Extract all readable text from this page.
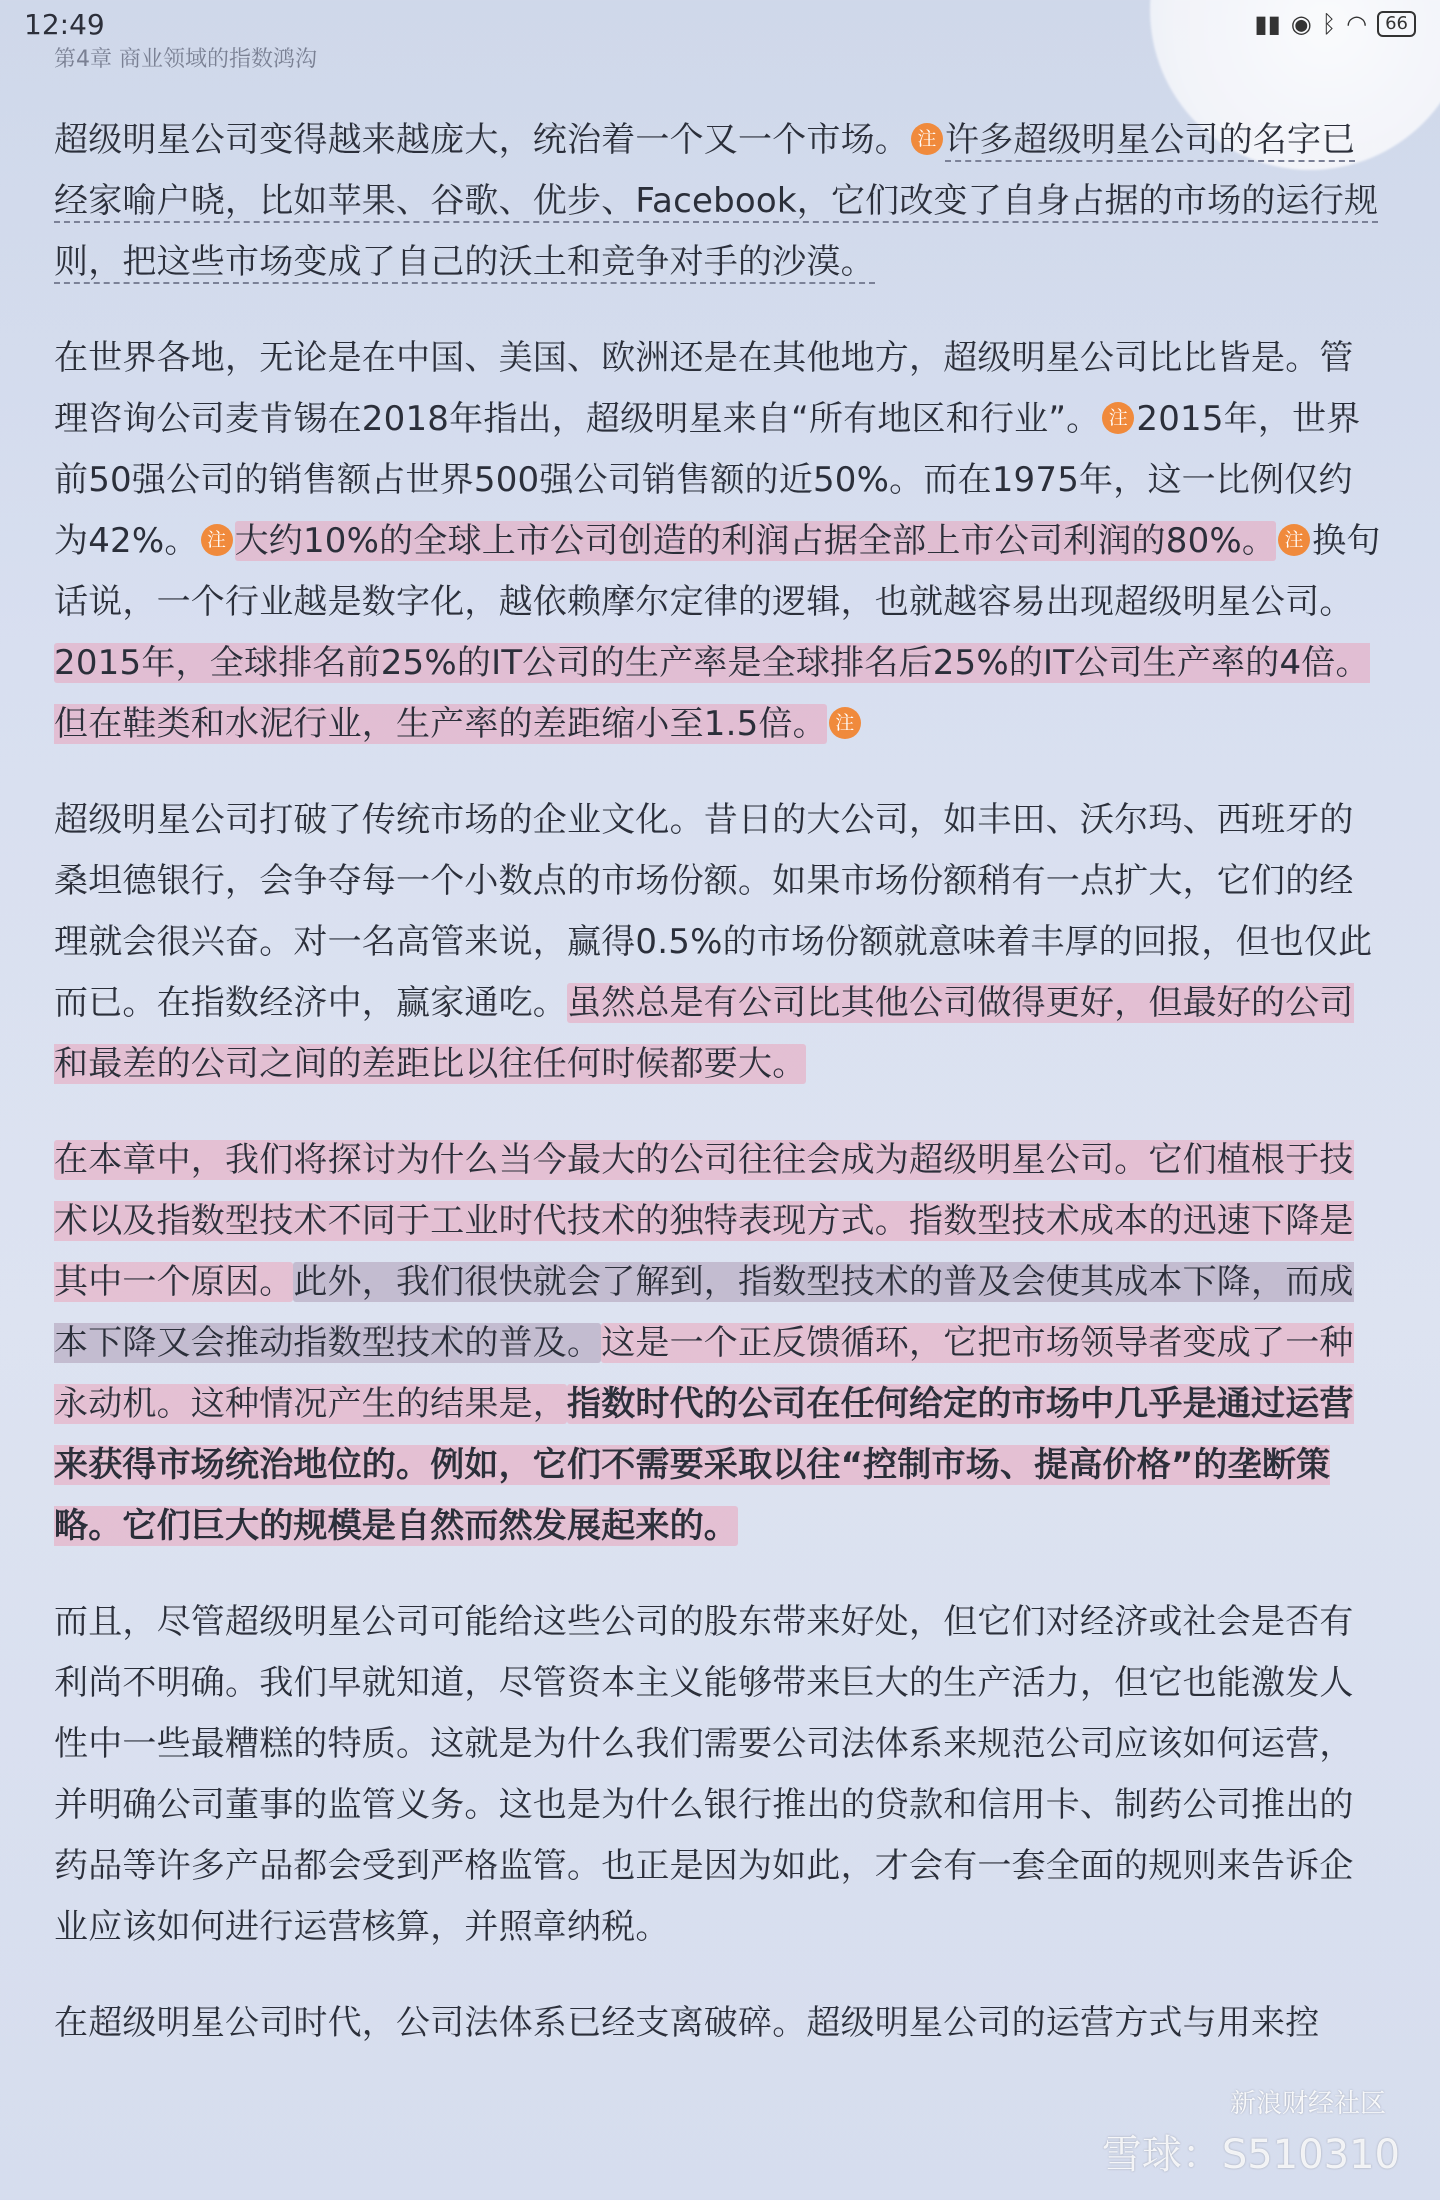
12:49	▮▮ ◉ ᛒ ◠	66
第4章 商业领域的指数鸿沟

超级明星公司变得越来越庞大，统治着一个又一个市场。 注 许多超级明星公司的名字已经家喻户晓，比如苹果、谷歌、优步、Facebook，它们改变了自身占据的市场的运行规则，把这些市场变成了自己的沃土和竞争对手的沙漠。

在世界各地，无论是在中国、美国、欧洲还是在其他地方，超级明星公司比比皆是。管理咨询公司麦肯锡在2018年指出，超级明星来自“所有地区和行业”。 注 2015年，世界前50强公司的销售额占世界500强公司销售额的近50%。而在1975年，这一比例仅约为42%。 注 大约10%的全球上市公司创造的利润占据全部上市公司利润的80%。 注 换句话说，一个行业越是数字化，越依赖摩尔定律的逻辑，也就越容易出现超级明星公司。2015年，全球排名前25%的IT公司的生产率是全球排名后25%的IT公司生产率的4倍。但在鞋类和水泥行业，生产率的差距缩小至1.5倍。 注

超级明星公司打破了传统市场的企业文化。昔日的大公司，如丰田、沃尔玛、西班牙的桑坦德银行，会争夺每一个小数点的市场份额。如果市场份额稍有一点扩大，它们的经理就会很兴奋。对一名高管来说，赢得0.5%的市场份额就意味着丰厚的回报，但也仅此而已。在指数经济中，赢家通吃。虽然总是有公司比其他公司做得更好，但最好的公司和最差的公司之间的差距比以往任何时候都要大。

在本章中，我们将探讨为什么当今最大的公司往往会成为超级明星公司。它们植根于技术以及指数型技术不同于工业时代技术的独特表现方式。指数型技术成本的迅速下降是其中一个原因。此外，我们很快就会了解到，指数型技术的普及会使其成本下降，而成本下降又会推动指数型技术的普及。这是一个正反馈循环，它把市场领导者变成了一种永动机。这种情况产生的结果是，指数时代的公司在任何给定的市场中几乎是通过运营来获得市场统治地位的。例如，它们不需要采取以往“控制市场、提高价格”的垄断策略。它们巨大的规模是自然而然发展起来的。

而且，尽管超级明星公司可能给这些公司的股东带来好处，但它们对经济或社会是否有利尚不明确。我们早就知道，尽管资本主义能够带来巨大的生产活力，但它也能激发人性中一些最糟糕的特质。这就是为什么我们需要公司法体系来规范公司应该如何运营，并明确公司董事的监管义务。这也是为什么银行推出的贷款和信用卡、制药公司推出的药品等许多产品都会受到严格监管。也正是因为如此，才会有一套全面的规则来告诉企业应该如何进行运营核算，并照章纳税。

在超级明星公司时代，公司法体系已经支离破碎。超级明星公司的运营方式与用来控

新浪财经社区
雪球：S510310
